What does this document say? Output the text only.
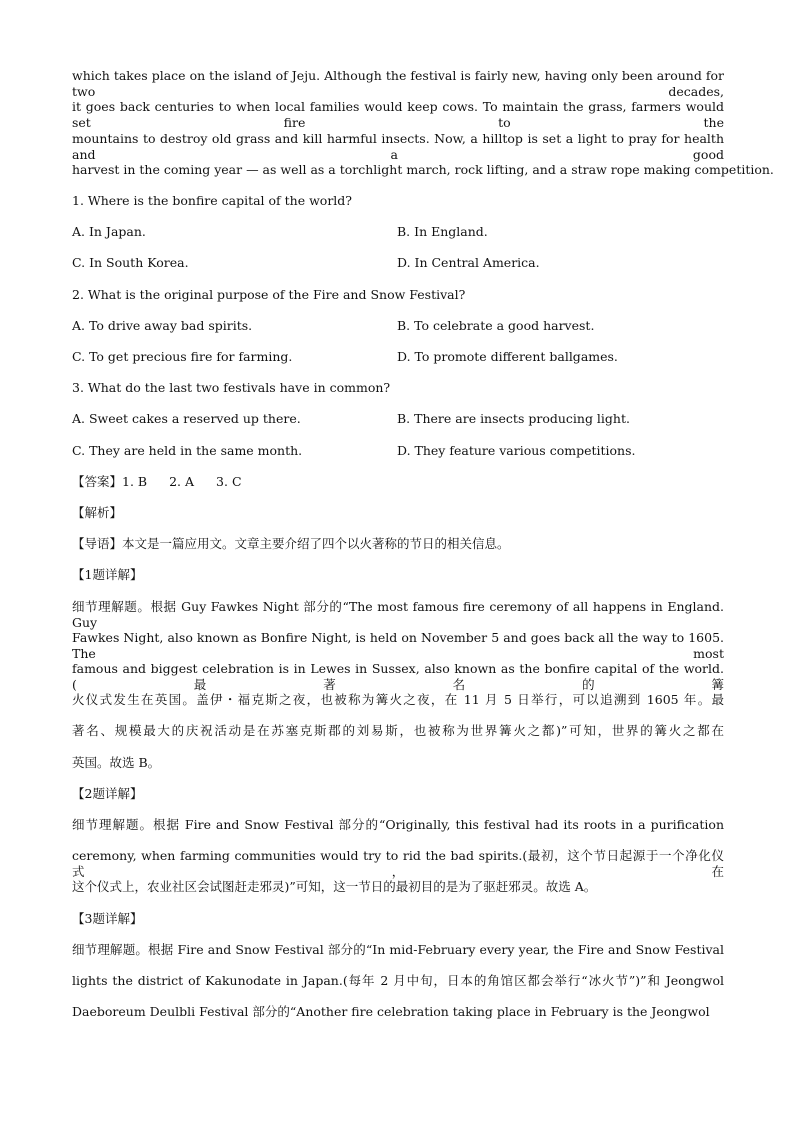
which takes place on the island of Jeju. Although the festival is fairly new, having only been around for two decades,
it goes back centuries to when local families would keep cows. To maintain the grass, farmers would set fire to the
mountains to destroy old grass and kill harmful insects. Now, a hilltop is set a light to pray for health and a good
harvest in the coming year — as well as a torchlight march, rock lifting, and a straw rope making competition.
1. Where is the bonfire capital of the world?
A. In Japan.	B. In England.
C. In South Korea.	D. In Central America.
2. What is the original purpose of the Fire and Snow Festival?
A. To drive away bad spirits.	B. To celebrate a good harvest.
C. To get precious fire for farming.	D. To promote different ballgames.
3. What do the last two festivals have in common?
A. Sweet cakes a reserved up there.	B. There are insects producing light.
C. They are held in the same month.	D. They feature various competitions.
【答案】1. B 2. A 3. C
【解析】
【导语】本文是一篇应用文。文章主要介绍了四个以火著称的节日的相关信息。
【1题详解】
细节理解题。根据 Guy Fawkes Night 部分的“The most famous fire ceremony of all happens in England. Guy
Fawkes Night, also known as Bonfire Night, is held on November 5 and goes back all the way to 1605. The most
famous and biggest celebration is in Lewes in Sussex, also known as the bonfire capital of the world.(最著名的篝
火仪式发生在英国。盖伊・福克斯之夜，也被称为篝火之夜，在 11 月 5 日举行，可以追溯到 1605 年。最
著名、规模最大的庆祝活动是在苏塞克斯郡的刘易斯，也被称为世界篝火之都)”可知，世界的篝火之都在
英国。故选 B。
【2题详解】
细节理解题。根据 Fire and Snow Festival 部分的“Originally, this festival had its roots in a purification
ceremony, when farming communities would try to rid the bad spirits.(最初，这个节日起源于一个净化仪式，在
这个仪式上，农业社区会试图赶走邪灵)”可知，这一节日的最初目的是为了驱赶邪灵。故选 A。
【3题详解】
细节理解题。根据 Fire and Snow Festival 部分的“In mid-February every year, the Fire and Snow Festival
lights the district of Kakunodate in Japan.(每年 2 月中旬，日本的角馆区都会举行“冰火节”)”和 Jeongwol
Daeboreum Deulbli Festival 部分的“Another fire celebration taking place in February is the Jeongwol
